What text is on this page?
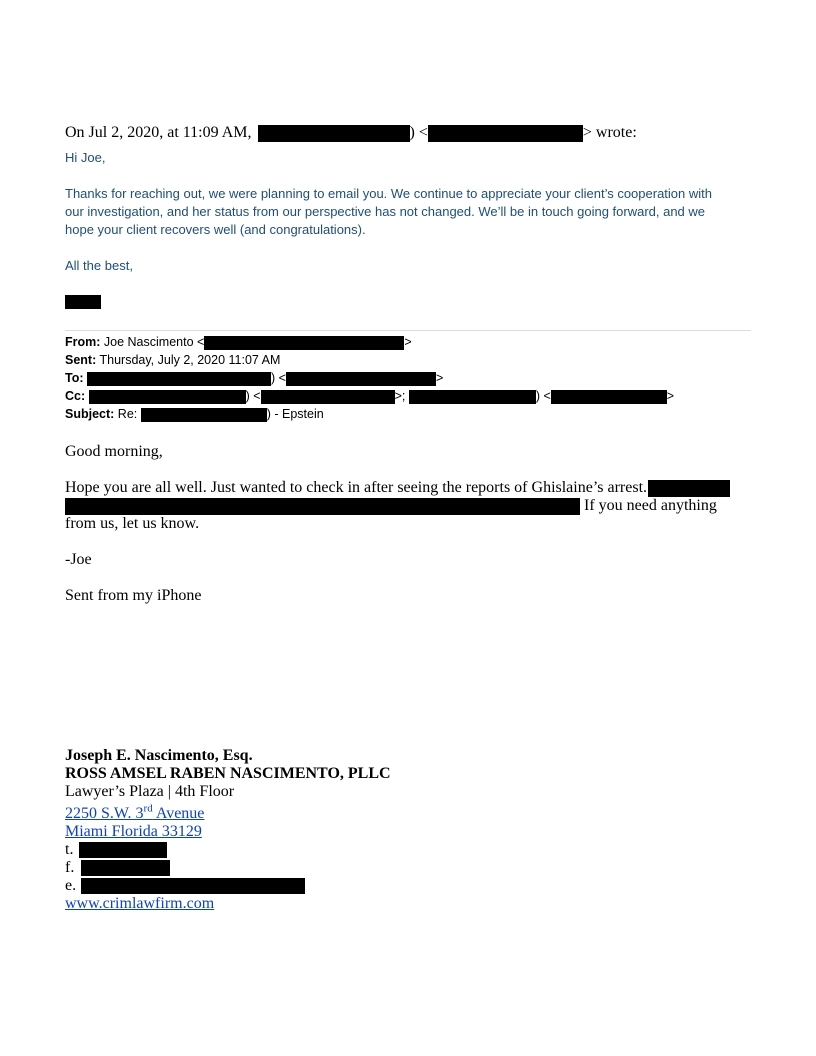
On Jul 2, 2020, at 11:09 AM,	) <	> wrote:
Hi Joe,
Thanks for reaching out, we were planning to email you. We continue to appreciate your client’s cooperation with
our investigation, and her status from our perspective has not changed. We’ll be in touch going forward, and we
hope your client recovers well (and congratulations).
All the best,
From: Joe Nascimento <	>
Sent: Thursday, July 2, 2020 11:07 AM
To:	) <	>
Cc:	) <	>;	) <	>
Subject: Re:	) - Epstein
Good morning,
Hope you are all well. Just wanted to check in after seeing the reports of Ghislaine’s arrest.
If you need anything
from us, let us know.
-Joe
Sent from my iPhone
Joseph E. Nascimento, Esq.
ROSS AMSEL RABEN NASCIMENTO, PLLC
Lawyer’s Plaza | 4th Floor
2250 S.W. 3rd Avenue
Miami Florida 33129
t.
f.
e.
www.crimlawfirm.com
